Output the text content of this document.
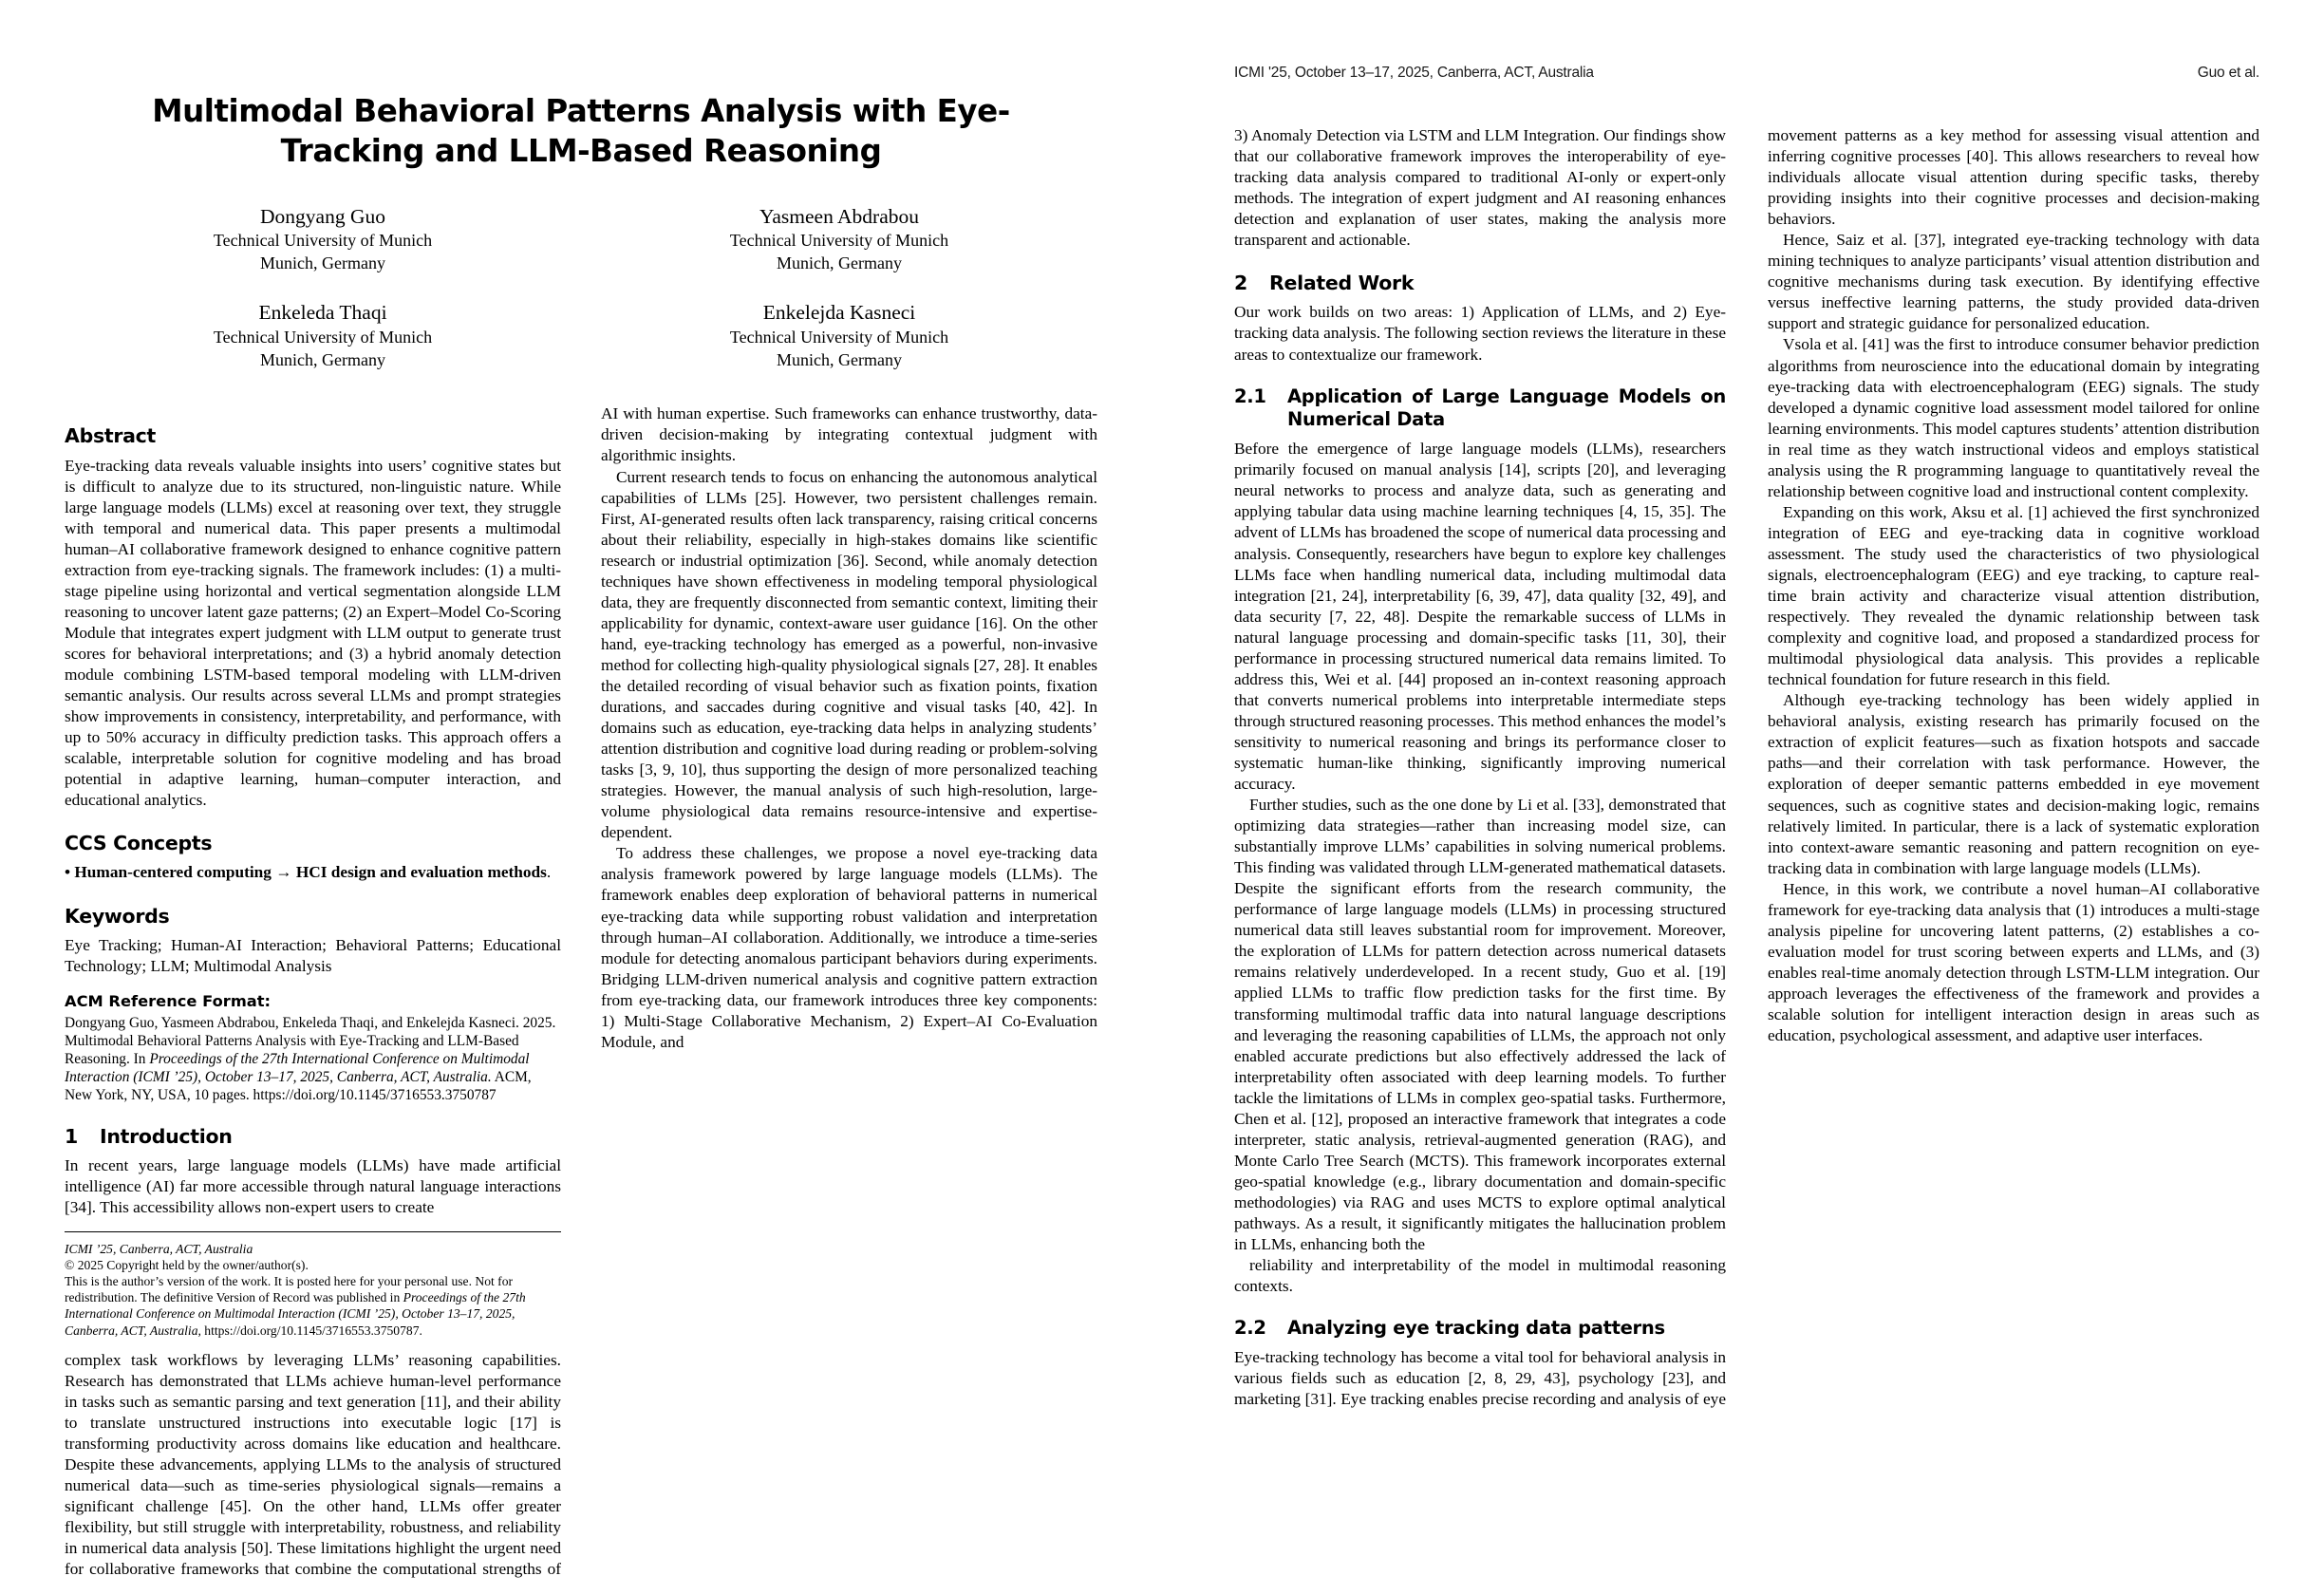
Multimodal Behavioral Patterns Analysis with Eye-Tracking and LLM-Based Reasoning
Dongyang Guo
Technical University of Munich
Munich, Germany
Yasmeen Abdrabou
Technical University of Munich
Munich, Germany
Enkeleda Thaqi
Technical University of Munich
Munich, Germany
Enkelejda Kasneci
Technical University of Munich
Munich, Germany
Abstract

Eye-tracking data reveals valuable insights into users’ cognitive states but is difficult to analyze due to its structured, non-linguistic nature. While large language models (LLMs) excel at reasoning over text, they struggle with temporal and numerical data. This paper presents a multimodal human–AI collaborative framework designed to enhance cognitive pattern extraction from eye-tracking signals. The framework includes: (1) a multi-stage pipeline using horizontal and vertical segmentation alongside LLM reasoning to uncover latent gaze patterns; (2) an Expert–Model Co-Scoring Module that integrates expert judgment with LLM output to generate trust scores for behavioral interpretations; and (3) a hybrid anomaly detection module combining LSTM-based temporal modeling with LLM-driven semantic analysis. Our results across several LLMs and prompt strategies show improvements in consistency, interpretability, and performance, with up to 50% accuracy in difficulty prediction tasks. This approach offers a scalable, interpretable solution for cognitive modeling and has broad potential in adaptive learning, human–computer interaction, and educational analytics.

CCS Concepts

• Human-centered computing → HCI design and evaluation methods.

Keywords

Eye Tracking; Human-AI Interaction; Behavioral Patterns; Educational Technology; LLM; Multimodal Analysis

ACM Reference Format:

Dongyang Guo, Yasmeen Abdrabou, Enkeleda Thaqi, and Enkelejda Kasneci. 2025. Multimodal Behavioral Patterns Analysis with Eye-Tracking and LLM-Based Reasoning. In Proceedings of the 27th International Conference on Multimodal Interaction (ICMI ’25), October 13–17, 2025, Canberra, ACT, Australia. ACM, New York, NY, USA, 10 pages. https://doi.org/10.1145/3716553.3750787

1	Introduction

In recent years, large language models (LLMs) have made artificial intelligence (AI) far more accessible through natural language interactions [34]. This accessibility allows non-expert users to create

ICMI ’25, Canberra, ACT, Australia
© 2025 Copyright held by the owner/author(s).
This is the author’s version of the work. It is posted here for your personal use. Not for redistribution. The definitive Version of Record was published in Proceedings of the 27th International Conference on Multimodal Interaction (ICMI ’25), October 13–17, 2025, Canberra, ACT, Australia, https://doi.org/10.1145/3716553.3750787.

complex task workflows by leveraging LLMs’ reasoning capabilities. Research has demonstrated that LLMs achieve human-level performance in tasks such as semantic parsing and text generation [11], and their ability to translate unstructured instructions into executable logic [17] is transforming productivity across domains like education and healthcare. Despite these advancements, applying LLMs to the analysis of structured numerical data—such as time-series physiological signals—remains a significant challenge [45]. On the other hand, LLMs offer greater flexibility, but still struggle with interpretability, robustness, and reliability in numerical data analysis [50]. These limitations highlight the urgent need for collaborative frameworks that combine the computational strengths of AI with human expertise. Such frameworks can enhance trustworthy, data-driven decision-making by integrating contextual judgment with algorithmic insights.

Current research tends to focus on enhancing the autonomous analytical capabilities of LLMs [25]. However, two persistent challenges remain. First, AI-generated results often lack transparency, raising critical concerns about their reliability, especially in high-stakes domains like scientific research or industrial optimization [36]. Second, while anomaly detection techniques have shown effectiveness in modeling temporal physiological data, they are frequently disconnected from semantic context, limiting their applicability for dynamic, context-aware user guidance [16]. On the other hand, eye-tracking technology has emerged as a powerful, non-invasive method for collecting high-quality physiological signals [27, 28]. It enables the detailed recording of visual behavior such as fixation points, fixation durations, and saccades during cognitive and visual tasks [40, 42]. In domains such as education, eye-tracking data helps in analyzing students’ attention distribution and cognitive load during reading or problem-solving tasks [3, 9, 10], thus supporting the design of more personalized teaching strategies. However, the manual analysis of such high-resolution, large-volume physiological data remains resource-intensive and expertise-dependent.

To address these challenges, we propose a novel eye-tracking data analysis framework powered by large language models (LLMs). The framework enables deep exploration of behavioral patterns in numerical eye-tracking data while supporting robust validation and interpretation through human–AI collaboration. Additionally, we introduce a time-series module for detecting anomalous participant behaviors during experiments. Bridging LLM-driven numerical analysis and cognitive pattern extraction from eye-tracking data, our framework introduces three key components: 1) Multi-Stage Collaborative Mechanism, 2) Expert–AI Co-Evaluation Module, and

ICMI '25, October 13–17, 2025, Canberra, ACT, Australia	Guo et al.

3) Anomaly Detection via LSTM and LLM Integration. Our findings show that our collaborative framework improves the interoperability of eye-tracking data analysis compared to traditional AI-only or expert-only methods. The integration of expert judgment and AI reasoning enhances detection and explanation of user states, making the analysis more transparent and actionable.

2	Related Work

Our work builds on two areas: 1) Application of LLMs, and 2) Eye-tracking data analysis. The following section reviews the literature in these areas to contextualize our framework.

2.1	Application of Large Language Models on Numerical Data

Before the emergence of large language models (LLMs), researchers primarily focused on manual analysis [14], scripts [20], and leveraging neural networks to process and analyze data, such as generating and applying tabular data using machine learning techniques [4, 15, 35]. The advent of LLMs has broadened the scope of numerical data processing and analysis. Consequently, researchers have begun to explore key challenges LLMs face when handling numerical data, including multimodal data integration [21, 24], interpretability [6, 39, 47], data quality [32, 49], and data security [7, 22, 48]. Despite the remarkable success of LLMs in natural language processing and domain-specific tasks [11, 30], their performance in processing structured numerical data remains limited. To address this, Wei et al. [44] proposed an in-context reasoning approach that converts numerical problems into interpretable intermediate steps through structured reasoning processes. This method enhances the model’s sensitivity to numerical reasoning and brings its performance closer to systematic human-like thinking, significantly improving numerical accuracy.

Further studies, such as the one done by Li et al. [33], demonstrated that optimizing data strategies—rather than increasing model size, can substantially improve LLMs’ capabilities in solving numerical problems. This finding was validated through LLM-generated mathematical datasets. Despite the significant efforts from the research community, the performance of large language models (LLMs) in processing structured numerical data still leaves substantial room for improvement. Moreover, the exploration of LLMs for pattern detection across numerical datasets remains relatively underdeveloped. In a recent study, Guo et al. [19] applied LLMs to traffic flow prediction tasks for the first time. By transforming multimodal traffic data into natural language descriptions and leveraging the reasoning capabilities of LLMs, the approach not only enabled accurate predictions but also effectively addressed the lack of interpretability often associated with deep learning models. To further tackle the limitations of LLMs in complex geo-spatial tasks. Furthermore, Chen et al. [12], proposed an interactive framework that integrates a code interpreter, static analysis, retrieval-augmented generation (RAG), and Monte Carlo Tree Search (MCTS). This framework incorporates external geo-spatial knowledge (e.g., library documentation and domain-specific methodologies) via RAG and uses MCTS to explore optimal analytical pathways. As a result, it significantly mitigates the hallucination problem in LLMs, enhancing both the

reliability and interpretability of the model in multimodal reasoning contexts.

2.2	Analyzing eye tracking data patterns

Eye-tracking technology has become a vital tool for behavioral analysis in various fields such as education [2, 8, 29, 43], psychology [23], and marketing [31]. Eye tracking enables precise recording and analysis of eye movement patterns as a key method for assessing visual attention and inferring cognitive processes [40]. This allows researchers to reveal how individuals allocate visual attention during specific tasks, thereby providing insights into their cognitive processes and decision-making behaviors.

Hence, Saiz et al. [37], integrated eye-tracking technology with data mining techniques to analyze participants’ visual attention distribution and cognitive mechanisms during task execution. By identifying effective versus ineffective learning patterns, the study provided data-driven support and strategic guidance for personalized education.

Vsola et al. [41] was the first to introduce consumer behavior prediction algorithms from neuroscience into the educational domain by integrating eye-tracking data with electroencephalogram (EEG) signals. The study developed a dynamic cognitive load assessment model tailored for online learning environments. This model captures students’ attention distribution in real time as they watch instructional videos and employs statistical analysis using the R programming language to quantitatively reveal the relationship between cognitive load and instructional content complexity.

Expanding on this work, Aksu et al. [1] achieved the first synchronized integration of EEG and eye-tracking data in cognitive workload assessment. The study used the characteristics of two physiological signals, electroencephalogram (EEG) and eye tracking, to capture real-time brain activity and characterize visual attention distribution, respectively. They revealed the dynamic relationship between task complexity and cognitive load, and proposed a standardized process for multimodal physiological data analysis. This provides a replicable technical foundation for future research in this field.

Although eye-tracking technology has been widely applied in behavioral analysis, existing research has primarily focused on the extraction of explicit features—such as fixation hotspots and saccade paths—and their correlation with task performance. However, the exploration of deeper semantic patterns embedded in eye movement sequences, such as cognitive states and decision-making logic, remains relatively limited. In particular, there is a lack of systematic exploration into context-aware semantic reasoning and pattern recognition on eye-tracking data in combination with large language models (LLMs).

Hence, in this work, we contribute a novel human–AI collaborative framework for eye-tracking data analysis that (1) introduces a multi-stage analysis pipeline for uncovering latent patterns, (2) establishes a co-evaluation model for trust scoring between experts and LLMs, and (3) enables real-time anomaly detection through LSTM-LLM integration. Our approach leverages the effectiveness of the framework and provides a scalable solution for intelligent interaction design in areas such as education, psychological assessment, and adaptive user interfaces.
